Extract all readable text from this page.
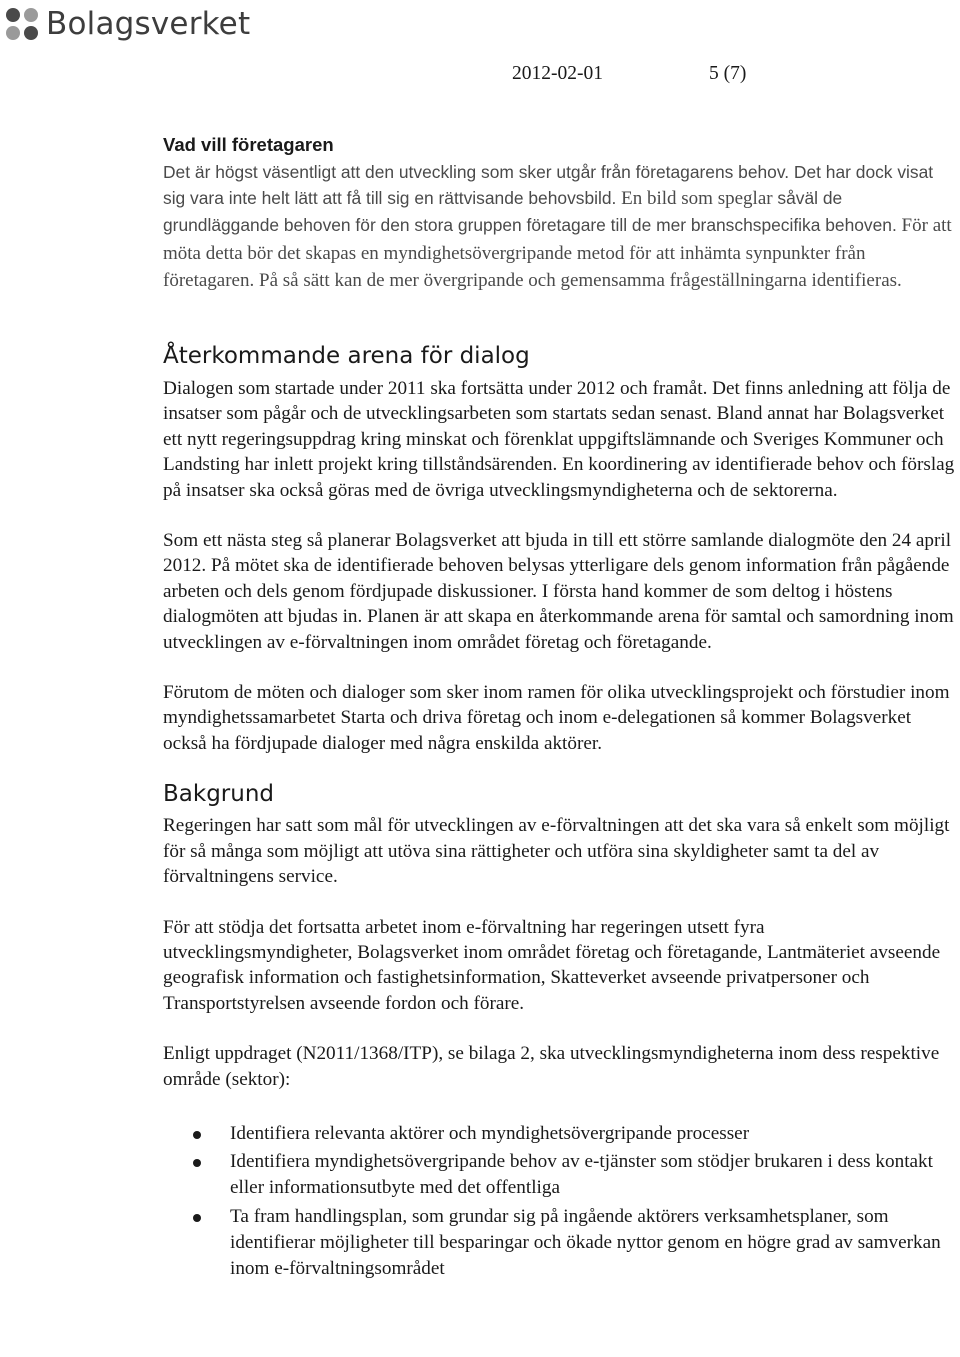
Bolagsverket
2012-02-01	5 (7)
Vad vill företagaren

Det är högst väsentligt att den utveckling som sker utgår från företagarens behov. Det har dock visat sig vara inte helt lätt att få till sig en rättvisande behovsbild. En bild som speglar såväl de grundläggande behoven för den stora gruppen företagare till de mer branschspecifika behoven. För att möta detta bör det skapas en myndighetsövergripande metod för att inhämta synpunkter från företagaren. På så sätt kan de mer övergripande och gemensamma frågeställningarna identifieras.

Återkommande arena för dialog

Dialogen som startade under 2011 ska fortsätta under 2012 och framåt. Det finns anledning att följa de insatser som pågår och de utvecklingsarbeten som startats sedan senast. Bland annat har Bolagsverket ett nytt regeringsuppdrag kring minskat och förenklat uppgiftslämnande och Sveriges Kommuner och Landsting har inlett projekt kring tillståndsärenden. En koordinering av identifierade behov och förslag på insatser ska också göras med de övriga utvecklingsmyndigheterna och de sektorerna.

Som ett nästa steg så planerar Bolagsverket att bjuda in till ett större samlande dialogmöte den 24 april 2012. På mötet ska de identifierade behoven belysas ytterligare dels genom information från pågående arbeten och dels genom fördjupade diskussioner. I första hand kommer de som deltog i höstens dialogmöten att bjudas in. Planen är att skapa en återkommande arena för samtal och samordning inom utvecklingen av e-förvaltningen inom området företag och företagande.

Förutom de möten och dialoger som sker inom ramen för olika utvecklingsprojekt och förstudier inom myndighetssamarbetet Starta och driva företag och inom e-delegationen så kommer Bolagsverket också ha fördjupade dialoger med några enskilda aktörer.

Bakgrund

Regeringen har satt som mål för utvecklingen av e-förvaltningen att det ska vara så enkelt som möjligt för så många som möjligt att utöva sina rättigheter och utföra sina skyldigheter samt ta del av förvaltningens service.

För att stödja det fortsatta arbetet inom e-förvaltning har regeringen utsett fyra utvecklingsmyndigheter, Bolagsverket inom området företag och företagande, Lantmäteriet avseende geografisk information och fastighetsinformation, Skatteverket avseende privatpersoner och Transportstyrelsen avseende fordon och förare.

Enligt uppdraget (N2011/1368/ITP), se bilaga 2, ska utvecklingsmyndigheterna inom dess respektive område (sektor):

Identifiera relevanta aktörer och myndighetsövergripande processer
Identifiera myndighetsövergripande behov av e-tjänster som stödjer brukaren i dess kontakt eller informationsutbyte med det offentliga
Ta fram handlingsplan, som grundar sig på ingående aktörers verksamhetsplaner, som identifierar möjligheter till besparingar och ökade nyttor genom en högre grad av samverkan inom e-förvaltningsområdet
